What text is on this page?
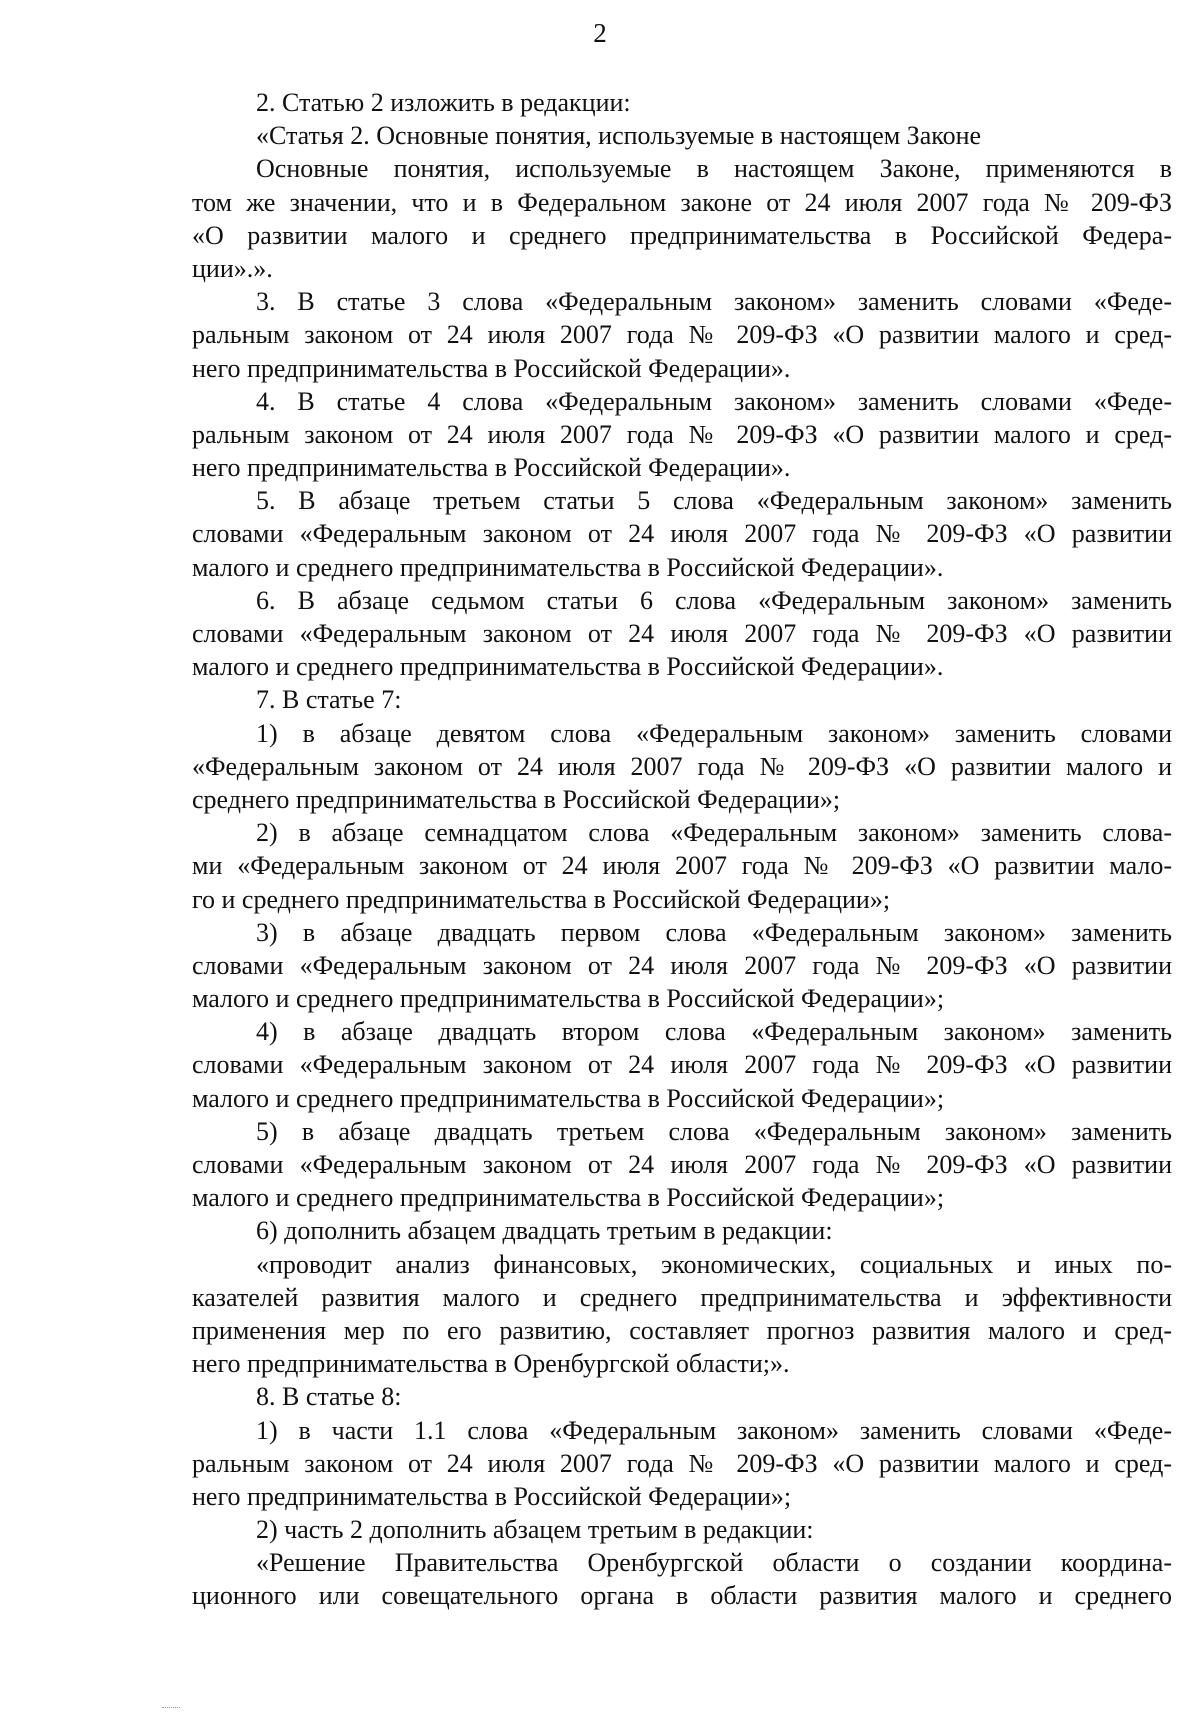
2
2. Статью 2 изложить в редакции:
«Статья 2. Основные понятия, используемые в настоящем Законе
Основные понятия, используемые в настоящем Законе, применяются в
том же значении, что и в Федеральном законе от 24 июля 2007 года № 209-ФЗ
«О развитии малого и среднего предпринимательства в Российской Федера-
ции».».
3. В статье 3 слова «Федеральным законом» заменить словами «Феде-
ральным законом от 24 июля 2007 года № 209-ФЗ «О развитии малого и сред-
него предпринимательства в Российской Федерации».
4. В статье 4 слова «Федеральным законом» заменить словами «Феде-
ральным законом от 24 июля 2007 года № 209-ФЗ «О развитии малого и сред-
него предпринимательства в Российской Федерации».
5. В абзаце третьем статьи 5 слова «Федеральным законом» заменить
словами «Федеральным законом от 24 июля 2007 года № 209-ФЗ «О развитии
малого и среднего предпринимательства в Российской Федерации».
6. В абзаце седьмом статьи 6 слова «Федеральным законом» заменить
словами «Федеральным законом от 24 июля 2007 года № 209-ФЗ «О развитии
малого и среднего предпринимательства в Российской Федерации».
7. В статье 7:
1) в абзаце девятом слова «Федеральным законом» заменить словами
«Федеральным законом от 24 июля 2007 года № 209-ФЗ «О развитии малого и
среднего предпринимательства в Российской Федерации»;
2) в абзаце семнадцатом слова «Федеральным законом» заменить слова-
ми «Федеральным законом от 24 июля 2007 года № 209-ФЗ «О развитии мало-
го и среднего предпринимательства в Российской Федерации»;
3) в абзаце двадцать первом слова «Федеральным законом» заменить
словами «Федеральным законом от 24 июля 2007 года № 209-ФЗ «О развитии
малого и среднего предпринимательства в Российской Федерации»;
4) в абзаце двадцать втором слова «Федеральным законом» заменить
словами «Федеральным законом от 24 июля 2007 года № 209-ФЗ «О развитии
малого и среднего предпринимательства в Российской Федерации»;
5) в абзаце двадцать третьем слова «Федеральным законом» заменить
словами «Федеральным законом от 24 июля 2007 года № 209-ФЗ «О развитии
малого и среднего предпринимательства в Российской Федерации»;
6) дополнить абзацем двадцать третьим в редакции:
«проводит анализ финансовых, экономических, социальных и иных по-
казателей развития малого и среднего предпринимательства и эффективности
применения мер по его развитию, составляет прогноз развития малого и сред-
него предпринимательства в Оренбургской области;».
8. В статье 8:
1) в части 1.1 слова «Федеральным законом» заменить словами «Феде-
ральным законом от 24 июля 2007 года № 209-ФЗ «О развитии малого и сред-
него предпринимательства в Российской Федерации»;
2) часть 2 дополнить абзацем третьим в редакции:
«Решение Правительства Оренбургской области о создании координа-
ционного или совещательного органа в области развития малого и среднего
